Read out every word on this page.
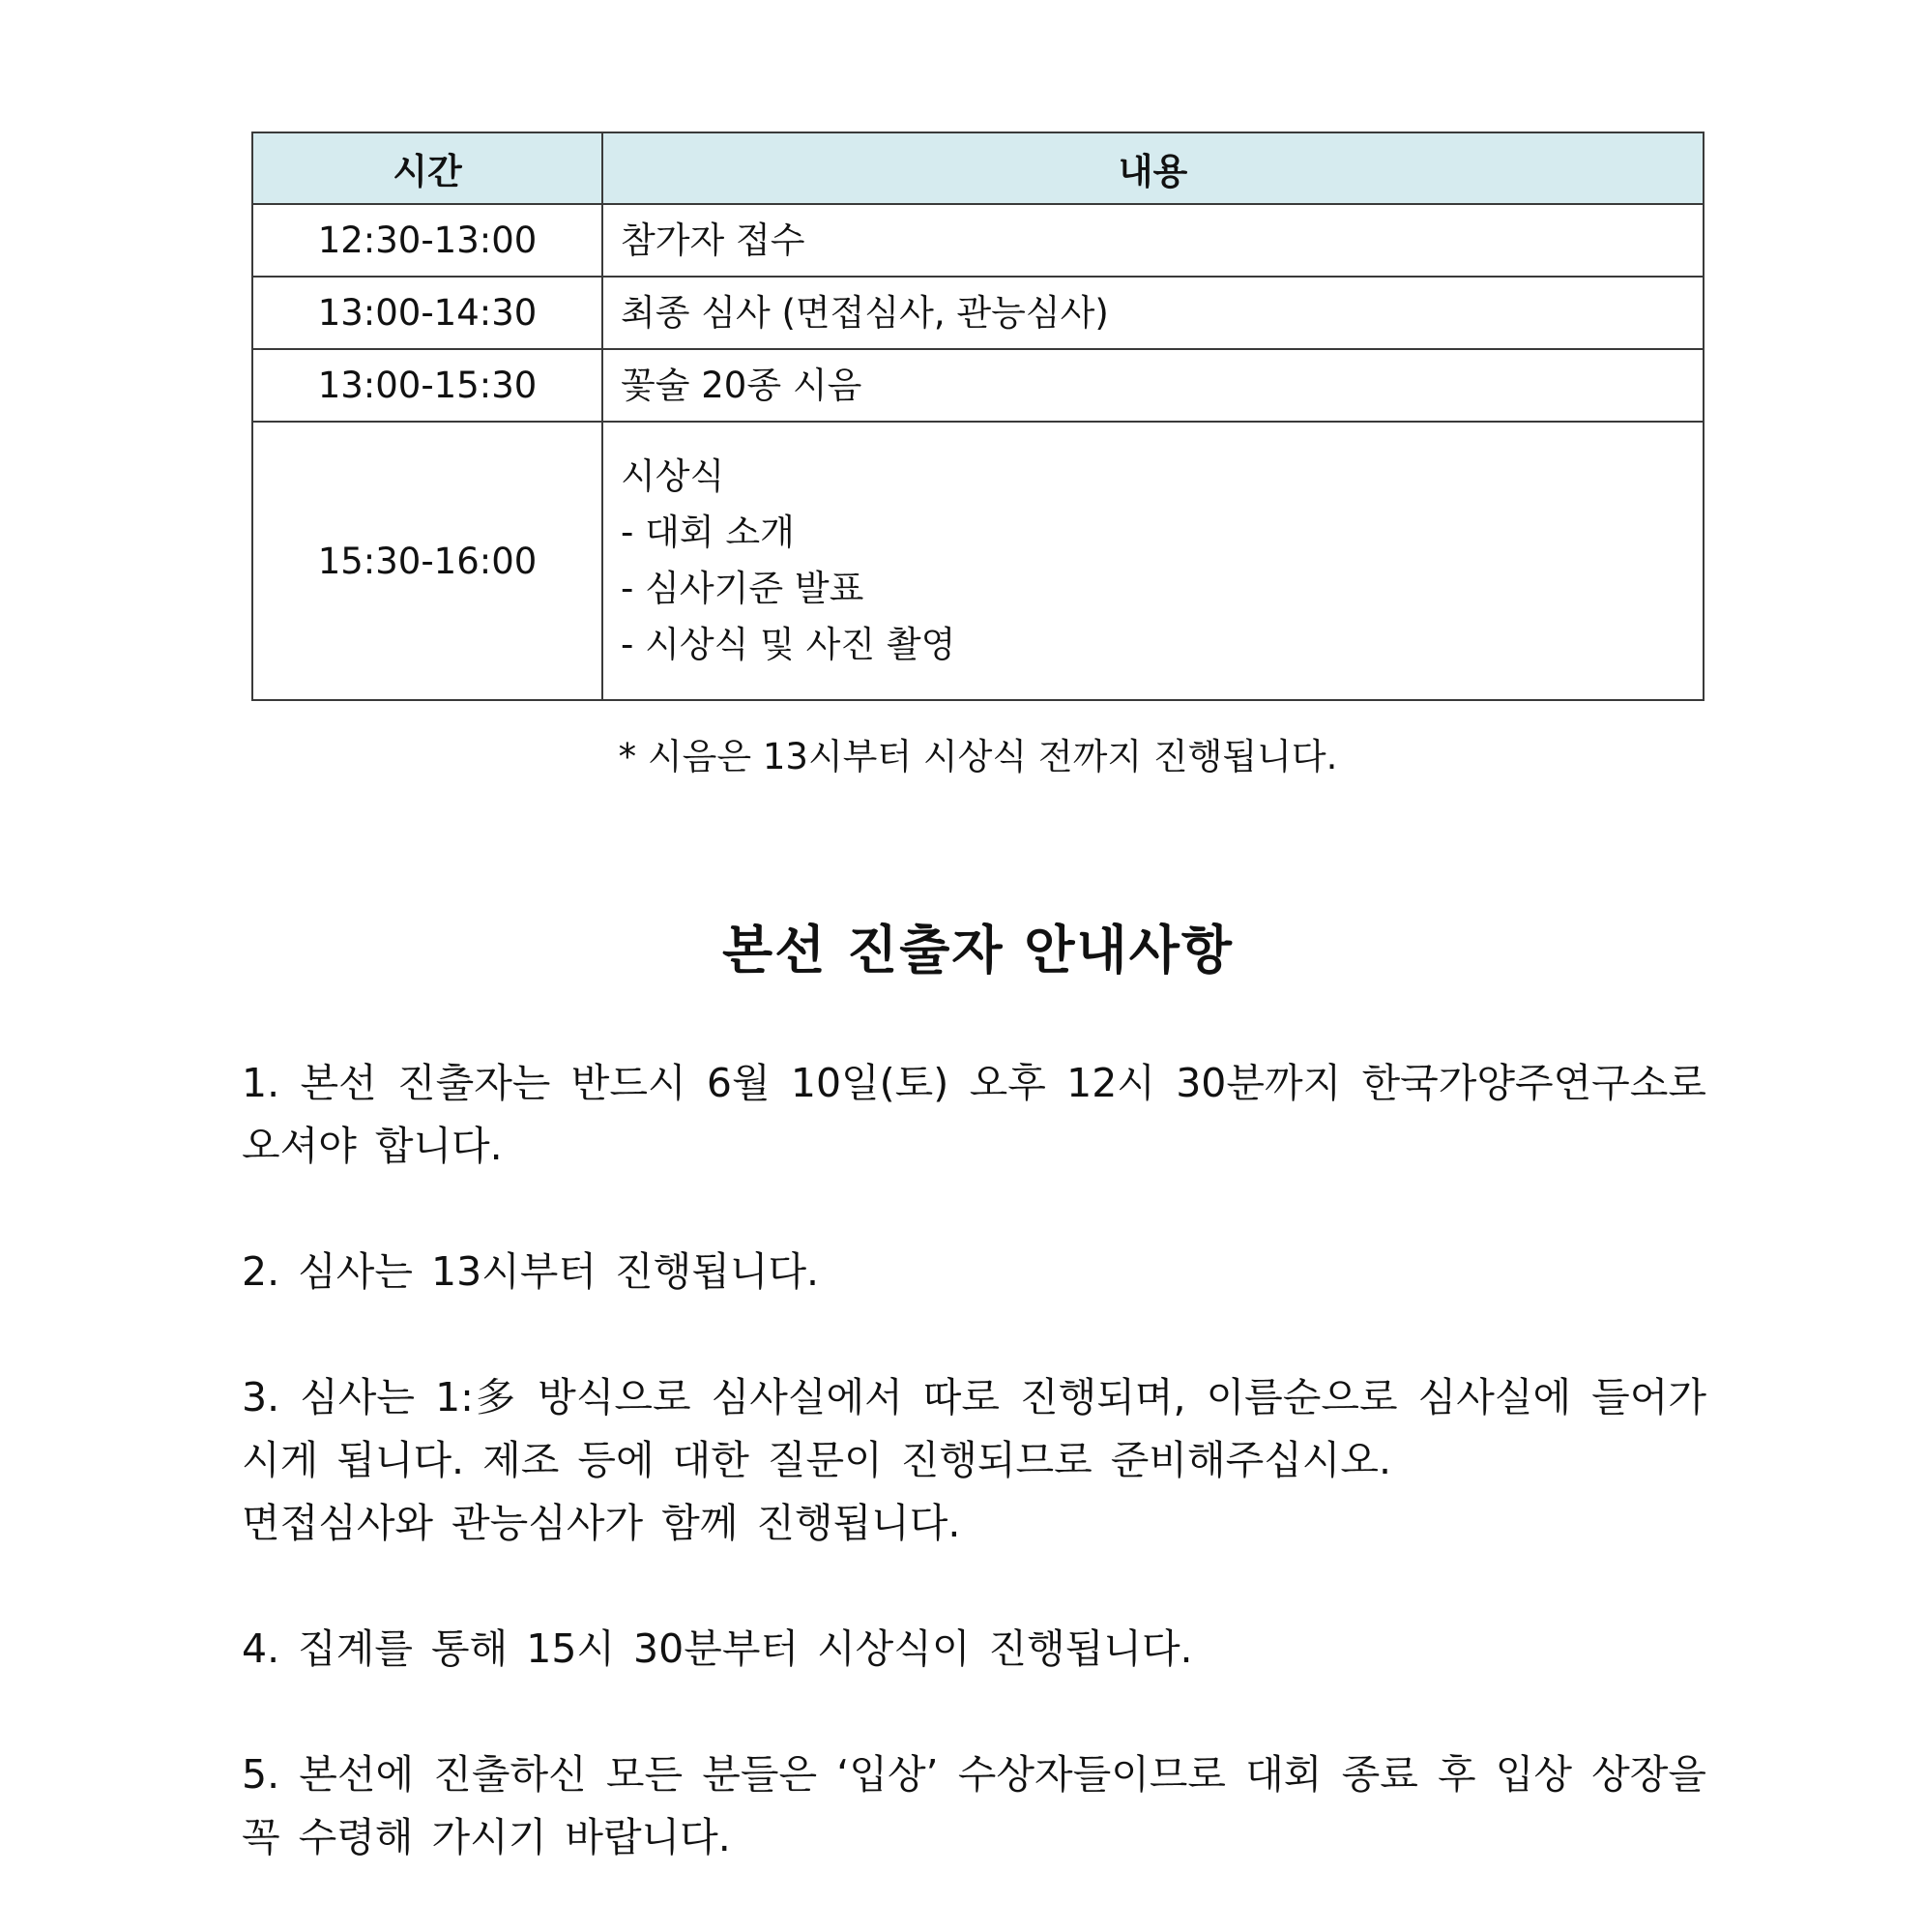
시간	내용
12:30-13:00	참가자 접수

13:00-14:30	최종 심사 (면접심사, 관능심사)

13:00-15:30	꽃술 20종 시음

15:30-16:00	시상식
- 대회 소개
- 심사기준 발표
- 시상식 및 사진 촬영
* 시음은 13시부터 시상식 전까지 진행됩니다.
본선 진출자 안내사항

1. 본선 진출자는 반드시 6월 10일(토) 오후 12시 30분까지 한국가양주연구소로 오셔야 합니다.

2. 심사는 13시부터 진행됩니다.

3. 심사는 1:多 방식으로 심사실에서 따로 진행되며, 이름순으로 심사실에 들어가시게 됩니다. 제조 등에 대한 질문이 진행되므로 준비해주십시오.
면접심사와 관능심사가 함께 진행됩니다.

4. 집계를 통해 15시 30분부터 시상식이 진행됩니다.

5. 본선에 진출하신 모든 분들은 ‘입상’ 수상자들이므로 대회 종료 후 입상 상장을 꼭 수령해 가시기 바랍니다.
